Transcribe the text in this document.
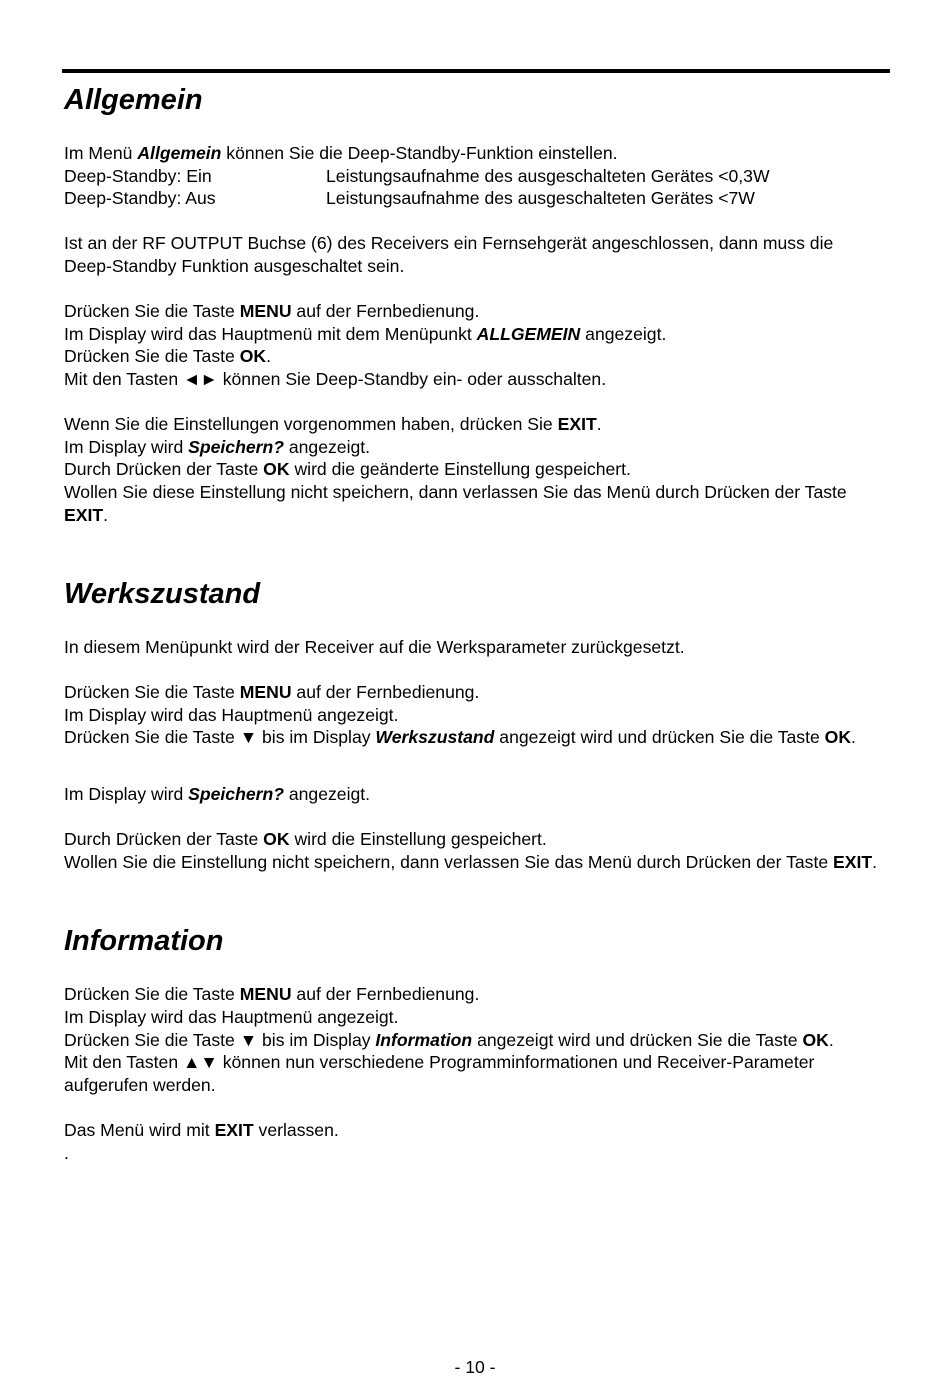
Allgemein

Im Menü Allgemein können Sie die Deep-Standby-Funktion einstellen.

Deep-Standby: Ein	Leistungsaufnahme des ausgeschalteten Gerätes <0,3W
Deep-Standby: Aus	Leistungsaufnahme des ausgeschalteten Gerätes <7W

Ist an der RF OUTPUT Buchse (6) des Receivers ein Fernsehgerät angeschlossen, dann muss die Deep-Standby Funktion ausgeschaltet sein.

Drücken Sie die Taste MENU auf der Fernbedienung.

Im Display wird das Hauptmenü mit dem Menüpunkt ALLGEMEIN angezeigt.

Drücken Sie die Taste OK.

Mit den Tasten ◄► können Sie Deep-Standby ein- oder ausschalten.

Wenn Sie die Einstellungen vorgenommen haben, drücken Sie EXIT.

Im Display wird Speichern? angezeigt.

Durch Drücken der Taste OK wird die geänderte Einstellung gespeichert.

Wollen Sie diese Einstellung nicht speichern, dann verlassen Sie das Menü durch Drücken der Taste EXIT.

Werkszustand

In diesem Menüpunkt wird der Receiver auf die Werksparameter zurückgesetzt.

Drücken Sie die Taste MENU auf der Fernbedienung.

Im Display wird das Hauptmenü angezeigt.

Drücken Sie die Taste ▼ bis im Display Werkszustand angezeigt wird und drücken Sie die Taste OK.

Im Display wird Speichern? angezeigt.

Durch Drücken der Taste OK wird die Einstellung gespeichert.

Wollen Sie die Einstellung nicht speichern, dann verlassen Sie das Menü durch Drücken der Taste EXIT.

Information

Drücken Sie die Taste MENU auf der Fernbedienung.

Im Display wird das Hauptmenü angezeigt.

Drücken Sie die Taste ▼ bis im Display Information angezeigt wird und drücken Sie die Taste OK.

Mit den Tasten ▲▼ können nun verschiedene Programminformationen und Receiver-Parameter aufgerufen werden.

Das Menü wird mit EXIT verlassen.

.

- 10 -
